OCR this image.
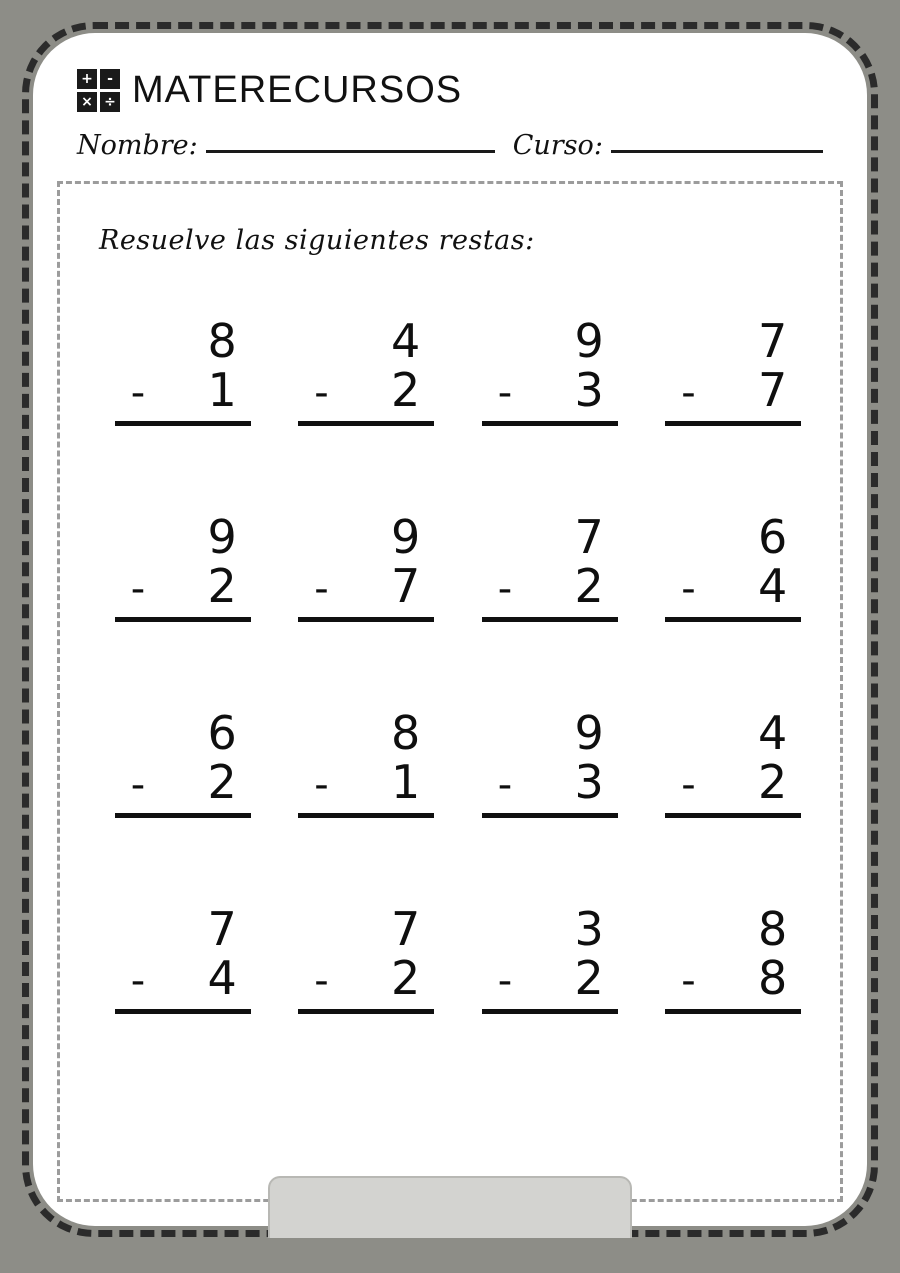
+	-
× ÷ MATERECURSOS
Nombre:	Curso:
Resuelve las siguientes restas:
8
- 1
4
- 2
9
- 3
7
- 7
9
- 2
9
- 7
7
- 2
6
- 4
6
- 2
8
- 1
9
- 3
4
- 2
7
- 4
7
- 2
3
- 2
8
- 8
